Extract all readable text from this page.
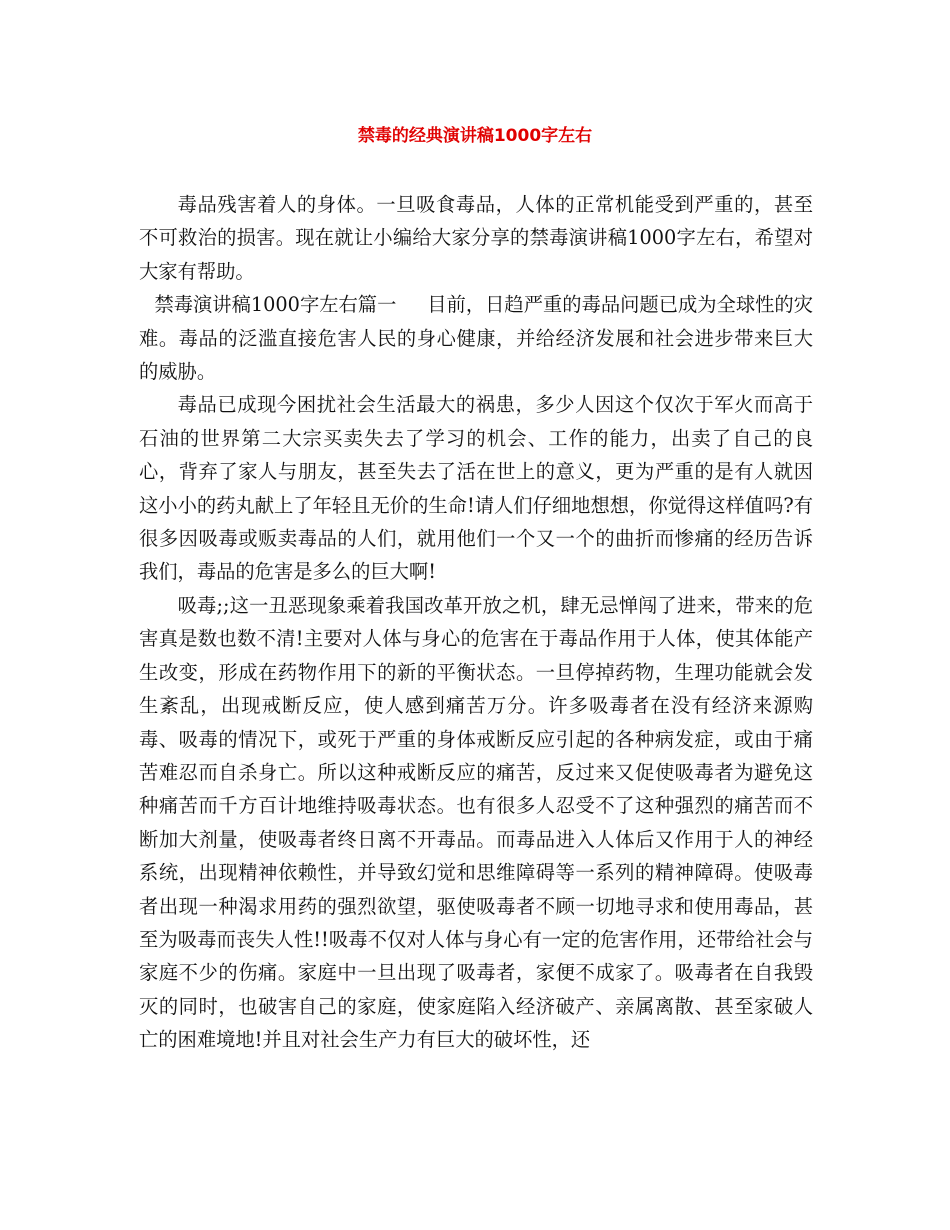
禁毒的经典演讲稿1000字左右

毒品残害着人的身体。一旦吸食毒品，人体的正常机能受到严重的，甚至不可救治的损害。现在就让小编给大家分享的禁毒演讲稿1000字左右，希望对大家有帮助。

禁毒演讲稿1000字左右篇一 目前，日趋严重的毒品问题已成为全球性的灾难。毒品的泛滥直接危害人民的身心健康，并给经济发展和社会进步带来巨大的威胁。

毒品已成现今困扰社会生活最大的祸患，多少人因这个仅次于军火而高于石油的世界第二大宗买卖失去了学习的机会、工作的能力，出卖了自己的良心，背弃了家人与朋友，甚至失去了活在世上的意义，更为严重的是有人就因这小小的药丸献上了年轻且无价的生命!请人们仔细地想想，你觉得这样值吗?有很多因吸毒或贩卖毒品的人们，就用他们一个又一个的曲折而惨痛的经历告诉我们，毒品的危害是多么的巨大啊!

吸毒;;这一丑恶现象乘着我国改革开放之机，肆无忌惮闯了进来，带来的危害真是数也数不清!主要对人体与身心的危害在于毒品作用于人体，使其体能产生改变，形成在药物作用下的新的平衡状态。一旦停掉药物，生理功能就会发生紊乱，出现戒断反应，使人感到痛苦万分。许多吸毒者在没有经济来源购毒、吸毒的情况下，或死于严重的身体戒断反应引起的各种病发症，或由于痛苦难忍而自杀身亡。所以这种戒断反应的痛苦，反过来又促使吸毒者为避免这种痛苦而千方百计地维持吸毒状态。也有很多人忍受不了这种强烈的痛苦而不断加大剂量，使吸毒者终日离不开毒品。而毒品进入人体后又作用于人的神经系统，出现精神依赖性，并导致幻觉和思维障碍等一系列的精神障碍。使吸毒者出现一种渴求用药的强烈欲望，驱使吸毒者不顾一切地寻求和使用毒品，甚至为吸毒而丧失人性!!吸毒不仅对人体与身心有一定的危害作用，还带给社会与家庭不少的伤痛。家庭中一旦出现了吸毒者，家便不成家了。吸毒者在自我毁灭的同时，也破害自己的家庭，使家庭陷入经济破产、亲属离散、甚至家破人亡的困难境地!并且对社会生产力有巨大的破坏性，还
